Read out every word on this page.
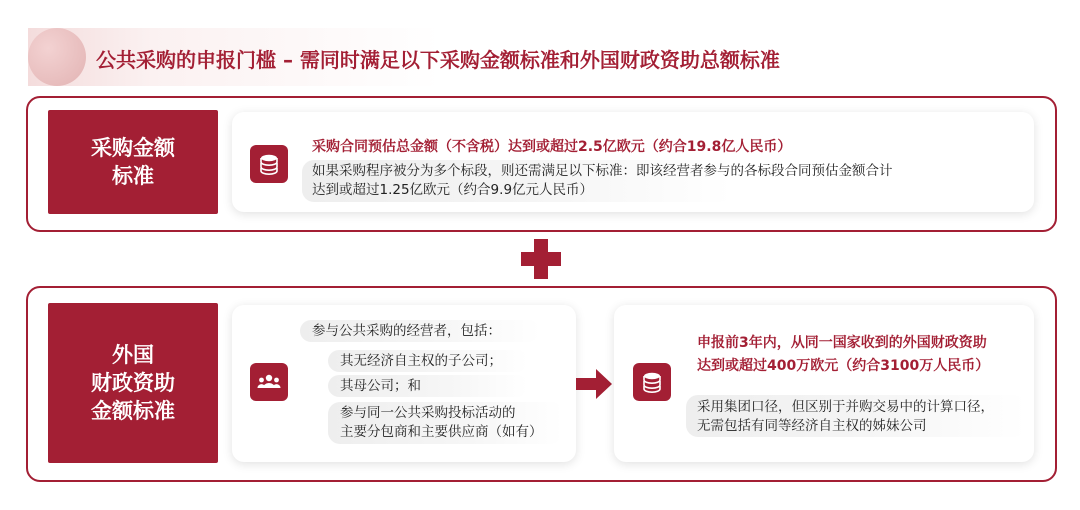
公共采购的申报门槛 – 需同时满足以下采购金额标准和外国财政资助总额标准
采购金额
标准
采购合同预估总金额（不含税）达到或超过2.5亿欧元（约合19.8亿人民币）
如果采购程序被分为多个标段，则还需满足以下标准：即该经营者参与的各标段合同预估金额合计
达到或超过1.25亿欧元（约合9.9亿元人民币）
外国
财政资助
金额标准
参与公共采购的经营者，包括：
其无经济自主权的子公司；
其母公司；和
参与同一公共采购投标活动的
主要分包商和主要供应商（如有）
申报前3年内，从同一国家收到的外国财政资助
达到或超过400万欧元（约合3100万人民币）
采用集团口径，但区别于并购交易中的计算口径，
无需包括有同等经济自主权的姊妹公司
